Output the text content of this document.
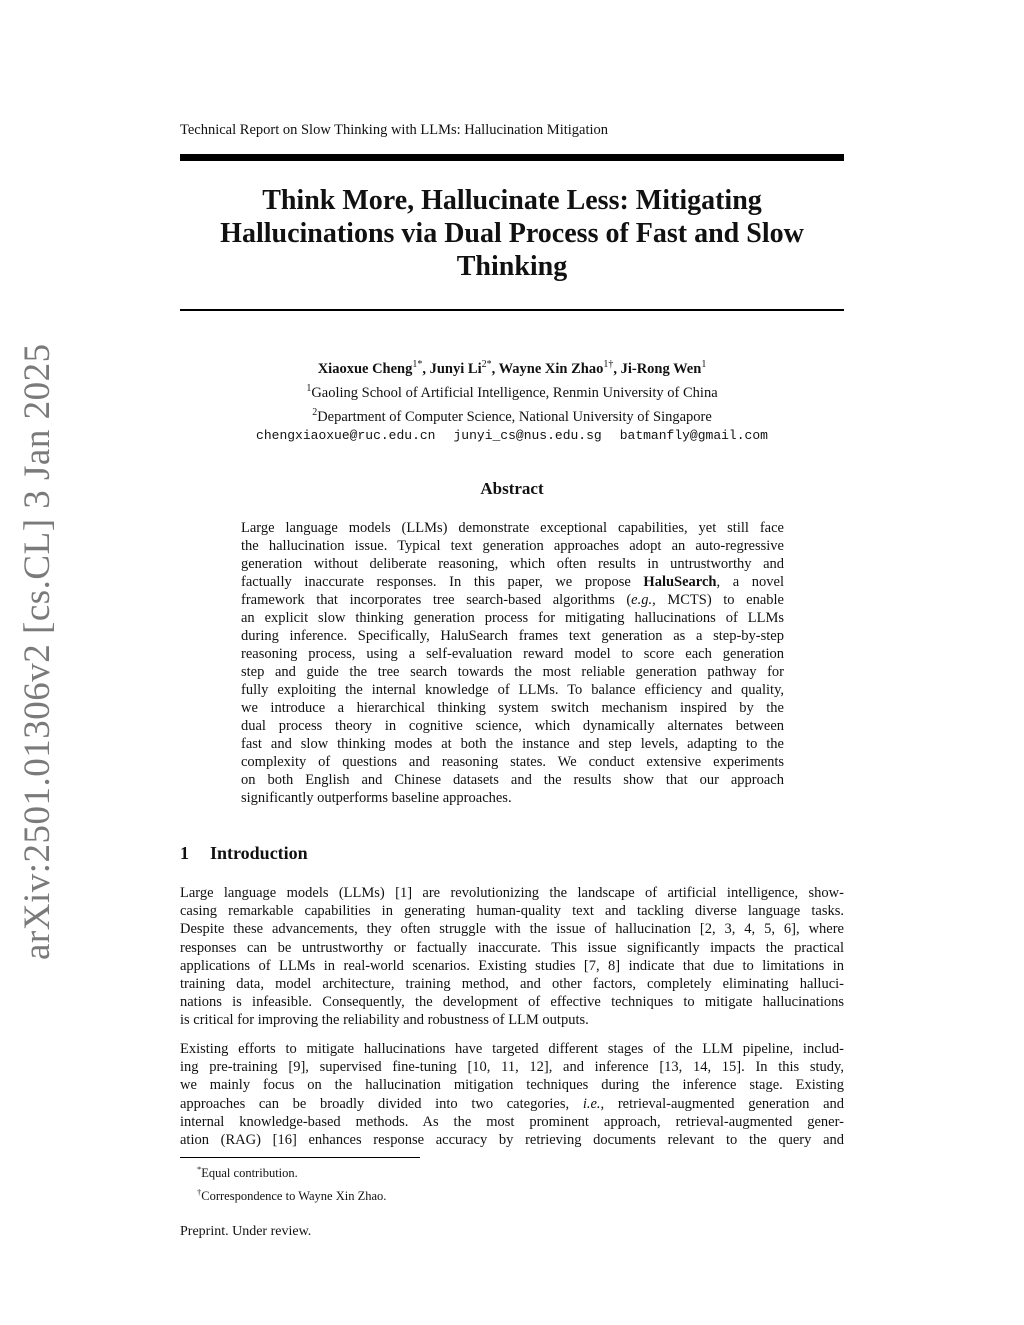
arXiv:2501.01306v2 [cs.CL] 3 Jan 2025
Technical Report on Slow Thinking with LLMs: Hallucination Mitigation
Think More, Hallucinate Less: Mitigating
Hallucinations via Dual Process of Fast and Slow
Thinking
Xiaoxue Cheng$^{1*}$, Junyi $Li^{2*}$, Wayne Xin Zhao$^{1\dagger}$, Ji-Rong Wen$^1$
$^1$Gaoling School of Artificial Intelligence, Renmin University of China
$^2$Department of Computer Science, National University of Singapore
chengxiaoxue@ruc.edu.cn junyi_cs@nus.edu.sg batmanfly@gmail.com
Abstract
Large language models (LLMs) demonstrate exceptional capabilities, yet still face
the hallucination issue. Typical text generation approaches adopt an auto-regressive
generation without deliberate reasoning, which often results in untrustworthy and
factually inaccurate responses. In this paper, we propose HaluSearch, a novel
framework that incorporates tree search-based algorithms (e.g., MCTS) to enable
an explicit slow thinking generation process for mitigating hallucinations of LLMs
during inference. Specifically, HaluSearch frames text generation as a step-by-step
reasoning process, using a self-evaluation reward model to score each generation
step and guide the tree search towards the most reliable generation pathway for
fully exploiting the internal knowledge of LLMs. To balance efficiency and quality,
we introduce a hierarchical thinking system switch mechanism inspired by the
dual process theory in cognitive science, which dynamically alternates between
fast and slow thinking modes at both the instance and step levels, adapting to the
complexity of questions and reasoning states. We conduct extensive experiments
on both English and Chinese datasets and the results show that our approach
significantly outperforms baseline approaches.
1 Introduction
Large language models (LLMs) [1] are revolutionizing the landscape of artificial intelligence, show-
casing remarkable capabilities in generating human-quality text and tackling diverse language tasks.
Despite these advancements, they often struggle with the issue of hallucination [2, 3, 4, 5, 6], where
responses can be untrustworthy or factually inaccurate. This issue significantly impacts the practical
applications of LLMs in real-world scenarios. Existing studies [7, 8] indicate that due to limitations in
training data, model architecture, training method, and other factors, completely eliminating halluci-
nations is infeasible. Consequently, the development of effective techniques to mitigate hallucinations
is critical for improving the reliability and robustness of LLM outputs.
Existing efforts to mitigate hallucinations have targeted different stages of the LLM pipeline, includ-
ing pre-training [9], supervised fine-tuning [10, 11, 12], and inference [13, 14, 15]. In this study,
we mainly focus on the hallucination mitigation techniques during the inference stage. Existing
approaches can be broadly divided into two categories, i.e., retrieval-augmented generation and
internal knowledge-based methods. As the most prominent approach, retrieval-augmented gener-
ation (RAG) [16] enhances response accuracy by retrieving documents relevant to the query and
*Equal contribution.
†Correspondence to Wayne Xin Zhao.
Preprint. Under review.
